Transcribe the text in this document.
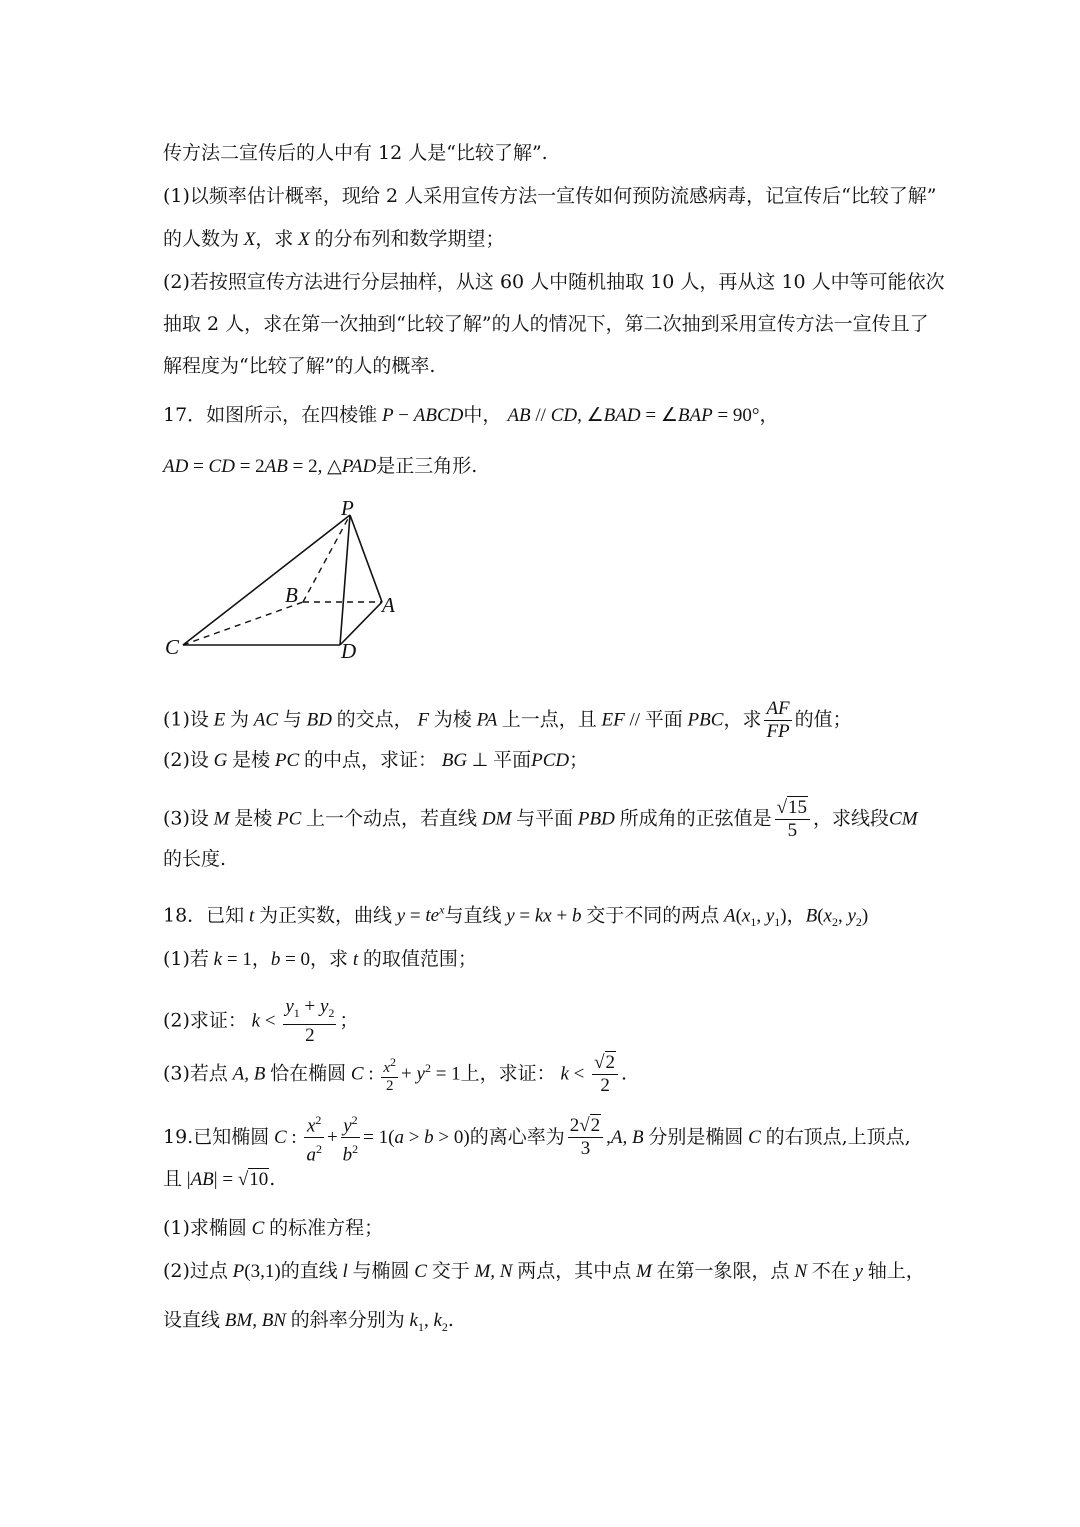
传方法二宣传后的人中有 12 人是“比较了解”.
(1)以频率估计概率，现给 2 人采用宣传方法一宣传如何预防流感病毒，记宣传后“比较了解”
的人数为 X，求 X 的分布列和数学期望；
(2)若按照宣传方法进行分层抽样，从这 60 人中随机抽取 10 人，再从这 10 人中等可能依次
抽取 2 人，求在第一次抽到“比较了解”的人的情况下，第二次抽到采用宣传方法一宣传且了
解程度为“比较了解”的人的概率.
17．如图所示，在四棱锥 P − ABCD中， AB // CD, ∠BAD = ∠BAP = 90°，
AD = CD = 2AB = 2, △PAD是正三角形.
P
B	A
C	D
(1)设 E 为 AC 与 BD 的交点， F 为棱 PA 上一点，且 EF // 平面 PBC，求 $\frac{AF}{FP}$ 的值；
(2)设 G 是棱 PC 的中点，求证： BG ⊥ 平面PCD；
(3)设 M 是棱 PC 上一个动点，若直线 DM 与平面 PBD 所成角的正弦值是 $\frac{√15}{5}$ ，求线段CM
的长度.
18．已知 t 为正实数，曲线 $y = te^x$与直线 y = kx + b 交于不同的两点 $A(x_1$, $y_1$)，$B(x_2$, $y_2$)
(1)若 k = 1，b = 0，求 t 的取值范围；
(2)求证： $k < \frac{y_1 + y_2}{2}$ ；
(3)若点 A, B 恰在椭圆 C : $\frac{x^2}{2} + y^2 = 1$上，求证： $k < \frac{√2}{2}$ .
19.已知椭圆 C : $\frac{x^2}{a^2} + \frac{y^2}{b^2} = 1(a > b > 0)$的离心率为 $\frac{2√2}{3} ,A$, B 分别是椭圆 C 的右顶点,上顶点,
且 |AB| = √10.
(1)求椭圆 C 的标准方程；
(2)过点 P(3,1)的直线 l 与椭圆 C 交于 M, N 两点，其中点 M 在第一象限，点 N 不在 y 轴上，
设直线 BM, BN 的斜率分别为 $k_1$, $k_2$.
